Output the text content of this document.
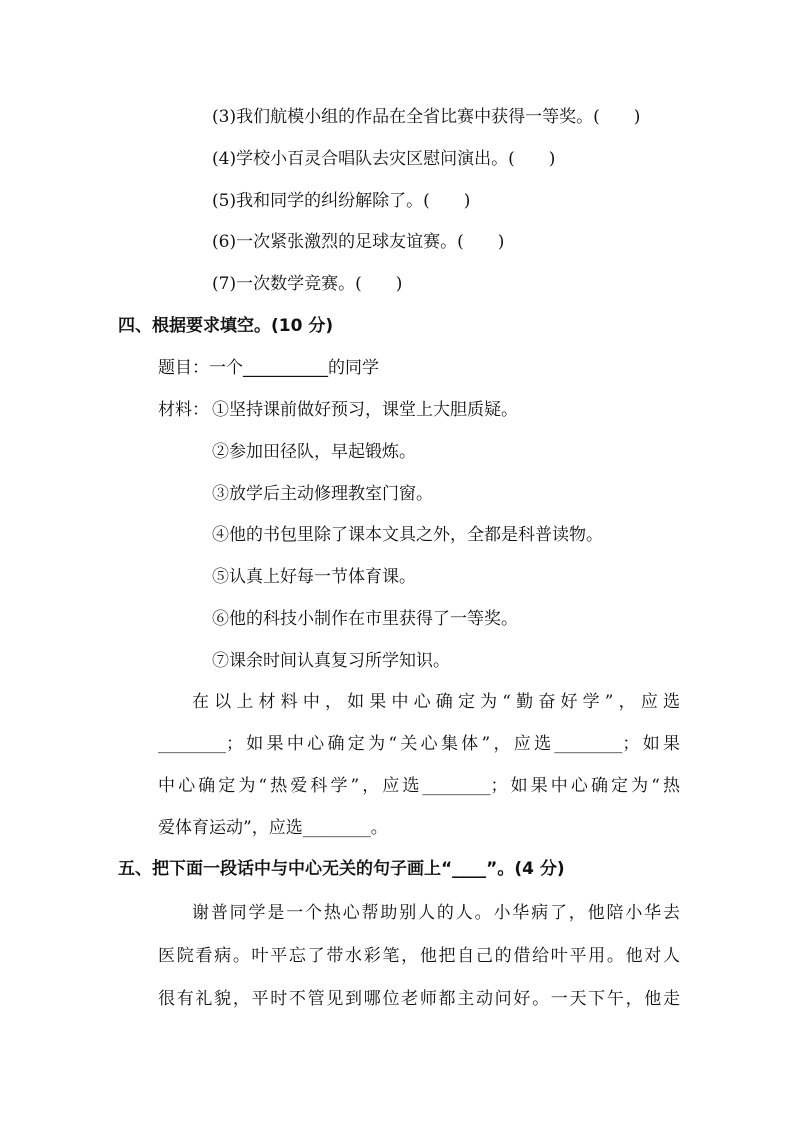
(3)我们航模小组的作品在全省比赛中获得一等奖。(　　)
(4)学校小百灵合唱队去灾区慰问演出。(　　)
(5)我和同学的纠纷解除了。(　　)
(6)一次紧张激烈的足球友谊赛。(　　)
(7)一次数学竞赛。(　　)
四、根据要求填空。(10 分)
题目：一个__________的同学
材料： ①坚持课前做好预习，课堂上大胆质疑。
②参加田径队，早起锻炼。
③放学后主动修理教室门窗。
④他的书包里除了课本文具之外，全都是科普读物。
⑤认真上好每一节体育课。
⑥他的科技小制作在市里获得了一等奖。
⑦课余时间认真复习所学知识。
在以上材料中，如果中心确定为“勤奋好学”，应选
________；如果中心确定为“关心集体”，应选________；如果
中心确定为“热爱科学”，应选________；如果中心确定为“热
爱体育运动”，应选________。
五、把下面一段话中与中心无关的句子画上“____”。(4 分)
谢普同学是一个热心帮助别人的人。小华病了，他陪小华去
医院看病。叶平忘了带水彩笔，他把自己的借给叶平用。他对人
很有礼貌，平时不管见到哪位老师都主动问好。一天下午，他走
